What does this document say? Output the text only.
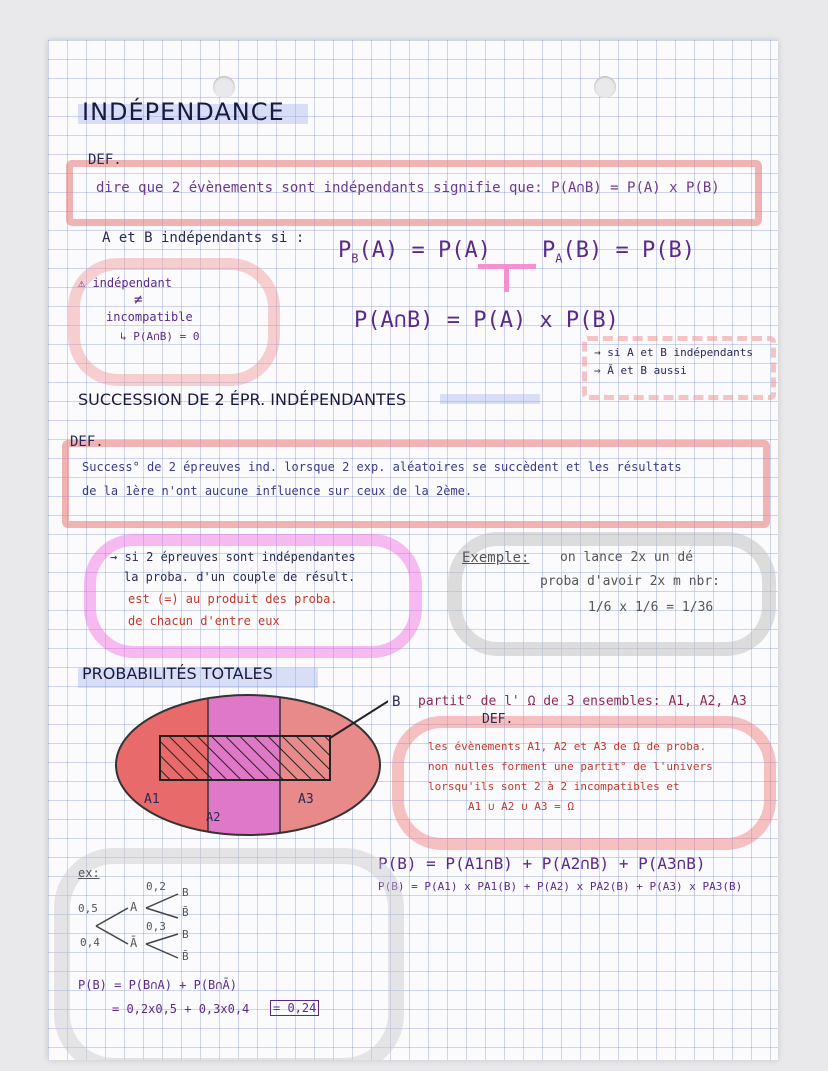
INDÉPENDANCE
DEF.
dire que 2 évènements sont indépendants signifie que: P(A∩B) = P(A) x P(B)
A et B indépendants si : $P_B(A) = P(A) P_A(B) = P(B)$
P(A∩B) = P(A) x P(B)
⚠ indépendant
≠
incompatible
↳ P(A∩B) = 0
→ si A et B indépendants
⇒ Ā et B aussi
SUCCESSION DE 2 ÉPR. INDÉPENDANTES
DEF.
Success° de 2 épreuves ind. lorsque 2 exp. aléatoires se succèdent et les résultats
de la 1ère n'ont aucune influence sur ceux de la 2ème.
→ si 2 épreuves sont indépendantes
la proba. d'un couple de résult.
est (=) au produit des proba.
de chacun d'entre eux
Exemple: on lance 2x un dé
proba d'avoir 2x m nbr:
1/6 x 1/6 = 1/36
PROBABILITÉS TOTALES
B
A1
A2
A3
partit° de l' Ω de 3 ensembles: A1, A2, A3
DEF.
les évènements A1, A2 et A3 de Ω de proba.
non nulles forment une partit° de l'univers
lorsqu'ils sont 2 à 2 incompatibles et
A1 ∪ A2 ∪ A3 = Ω
P(B) = P(A1∩B) + P(A2∩B) + P(A3∩B)
P(B) = P(A1) x PA1(B) + P(A2) x PA2(B) + P(A3) x PA3(B)
ex:
0,5
0,4
A
Ā
0,2
0,3
B
B̄
B
B̄
P(B) = P(B∩A) + P(B∩Ā)
= 0,2x0,5 + 0,3x0,4 = 0,24
